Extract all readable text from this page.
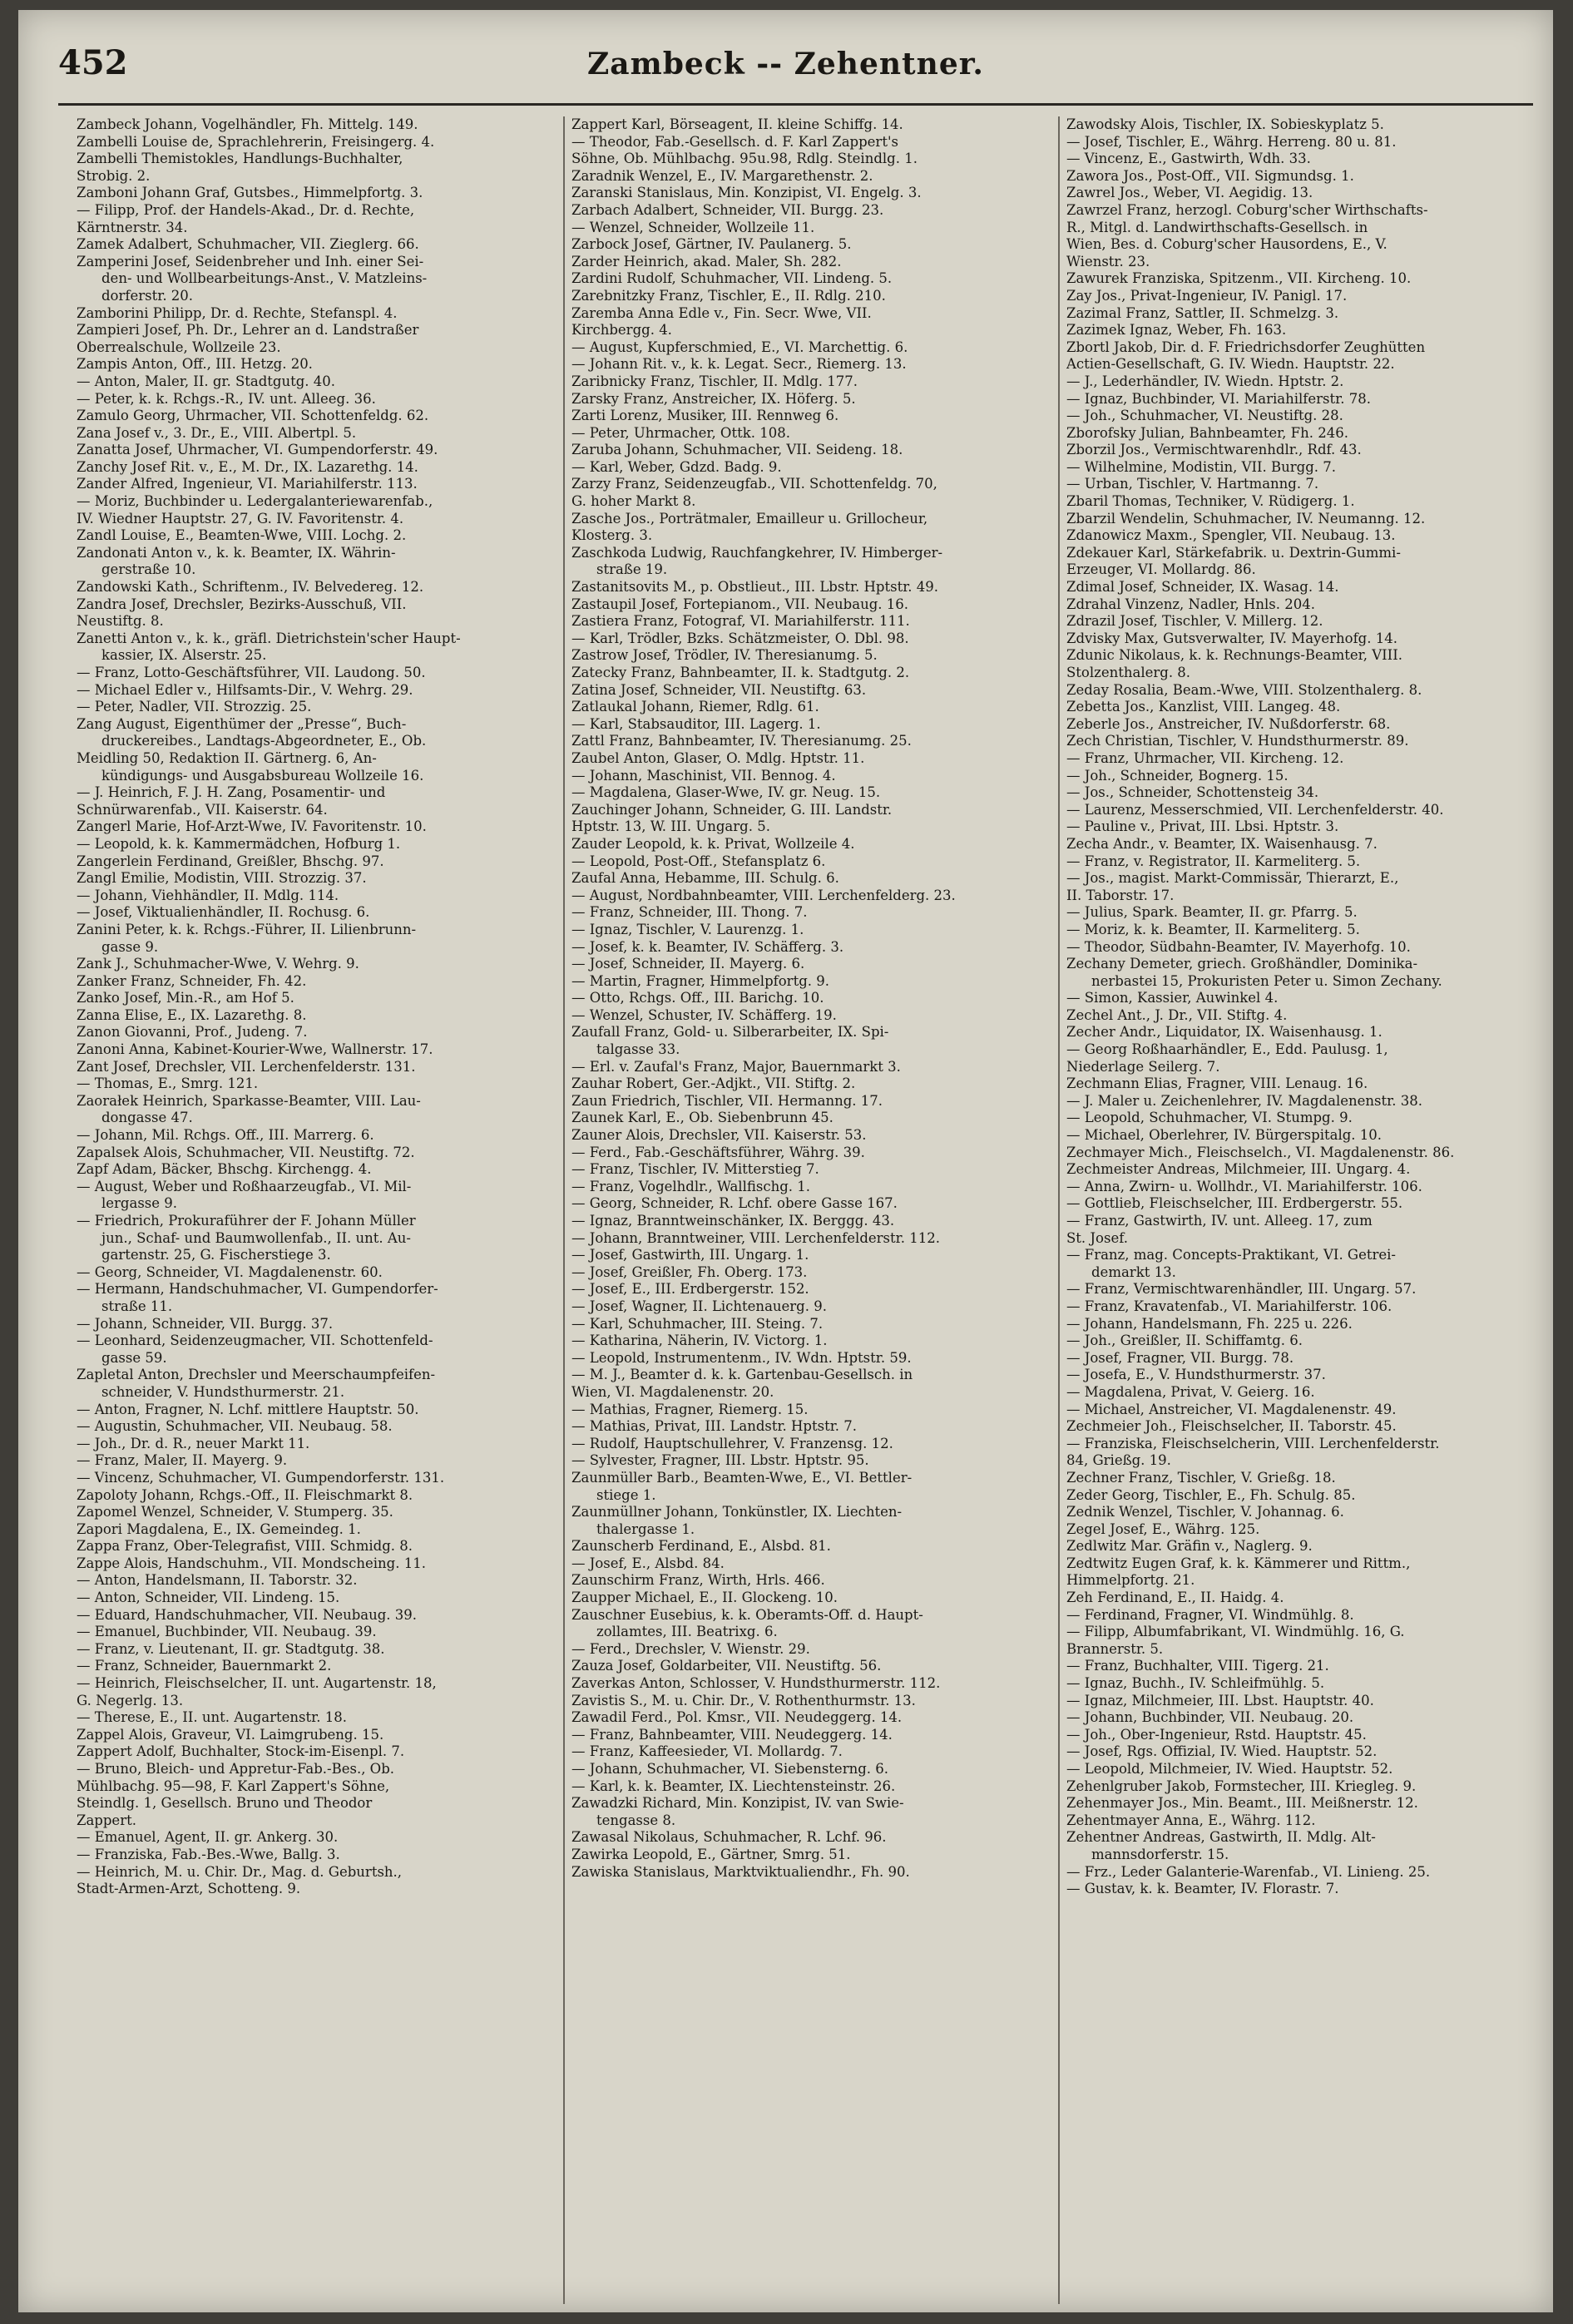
452	Zambeck -- Zehentner.
Zambeck Johann, Vogelhändler, Fh. Mittelg. 149.
Zambelli Louise de, Sprachlehrerin, Freisingerg. 4.
Zambelli Themistokles, Handlungs-Buchhalter,
Strobig. 2.
Zamboni Johann Graf, Gutsbes., Himmelpfortg. 3.
— Filipp, Prof. der Handels-Akad., Dr. d. Rechte,
Kärntnerstr. 34.
Zamek Adalbert, Schuhmacher, VII. Zieglerg. 66.
Zamperini Josef, Seidenbreher und Inh. einer Sei-
den- und Wollbearbeitungs-Anst., V. Matzleins-
dorferstr. 20.
Zamborini Philipp, Dr. d. Rechte, Stefanspl. 4.
Zampieri Josef, Ph. Dr., Lehrer an d. Landstraßer
Oberrealschule, Wollzeile 23.
Zampis Anton, Off., III. Hetzg. 20.
— Anton, Maler, II. gr. Stadtgutg. 40.
— Peter, k. k. Rchgs.-R., IV. unt. Alleeg. 36.
Zamulo Georg, Uhrmacher, VII. Schottenfeldg. 62.
Zana Josef v., 3. Dr., E., VIII. Albertpl. 5.
Zanatta Josef, Uhrmacher, VI. Gumpendorferstr. 49.
Zanchy Josef Rit. v., E., M. Dr., IX. Lazarethg. 14.
Zander Alfred, Ingenieur, VI. Mariahilferstr. 113.
— Moriz, Buchbinder u. Ledergalanteriewarenfab.,
IV. Wiedner Hauptstr. 27, G. IV. Favoritenstr. 4.
Zandl Louise, E., Beamten-Wwe, VIII. Lochg. 2.
Zandonati Anton v., k. k. Beamter, IX. Währin-
gerstraße 10.
Zandowski Kath., Schriftenm., IV. Belvedereg. 12.
Zandra Josef, Drechsler, Bezirks-Ausschuß, VII.
Neustiftg. 8.
Zanetti Anton v., k. k., gräfl. Dietrichstein'scher Haupt-
kassier, IX. Alserstr. 25.
— Franz, Lotto-Geschäftsführer, VII. Laudong. 50.
— Michael Edler v., Hilfsamts-Dir., V. Wehrg. 29.
— Peter, Nadler, VII. Strozzig. 25.
Zang August, Eigenthümer der „Presse“, Buch-
druckereibes., Landtags-Abgeordneter, E., Ob.
Meidling 50, Redaktion II. Gärtnerg. 6, An-
kündigungs- und Ausgabsbureau Wollzeile 16.
— J. Heinrich, F. J. H. Zang, Posamentir- und
Schnürwarenfab., VII. Kaiserstr. 64.
Zangerl Marie, Hof-Arzt-Wwe, IV. Favoritenstr. 10.
— Leopold, k. k. Kammermädchen, Hofburg 1.
Zangerlein Ferdinand, Greißler, Bhschg. 97.
Zangl Emilie, Modistin, VIII. Strozzig. 37.
— Johann, Viehhändler, II. Mdlg. 114.
— Josef, Viktualienhändler, II. Rochusg. 6.
Zanini Peter, k. k. Rchgs.-Führer, II. Lilienbrunn-
gasse 9.
Zank J., Schuhmacher-Wwe, V. Wehrg. 9.
Zanker Franz, Schneider, Fh. 42.
Zanko Josef, Min.-R., am Hof 5.
Zanna Elise, E., IX. Lazarethg. 8.
Zanon Giovanni, Prof., Judeng. 7.
Zanoni Anna, Kabinet-Kourier-Wwe, Wallnerstr. 17.
Zant Josef, Drechsler, VII. Lerchenfelderstr. 131.
— Thomas, E., Smrg. 121.
Zaorałek Heinrich, Sparkasse-Beamter, VIII. Lau-
dongasse 47.
— Johann, Mil. Rchgs. Off., III. Marrerg. 6.
Zapalsek Alois, Schuhmacher, VII. Neustiftg. 72.
Zapf Adam, Bäcker, Bhschg. Kirchengg. 4.
— August, Weber und Roßhaarzeugfab., VI. Mil-
lergasse 9.
— Friedrich, Prokuraführer der F. Johann Müller
jun., Schaf- und Baumwollenfab., II. unt. Au-
gartenstr. 25, G. Fischerstiege 3.
— Georg, Schneider, VI. Magdalenenstr. 60.
— Hermann, Handschuhmacher, VI. Gumpendorfer-
straße 11.
— Johann, Schneider, VII. Burgg. 37.
— Leonhard, Seidenzeugmacher, VII. Schottenfeld-
gasse 59.
Zapletal Anton, Drechsler und Meerschaumpfeifen-
schneider, V. Hundsthurmerstr. 21.
— Anton, Fragner, N. Lchf. mittlere Hauptstr. 50.
— Augustin, Schuhmacher, VII. Neubaug. 58.
— Joh., Dr. d. R., neuer Markt 11.
— Franz, Maler, II. Mayerg. 9.
— Vincenz, Schuhmacher, VI. Gumpendorferstr. 131.
Zapoloty Johann, Rchgs.-Off., II. Fleischmarkt 8.
Zapomel Wenzel, Schneider, V. Stumperg. 35.
Zapori Magdalena, E., IX. Gemeindeg. 1.
Zappa Franz, Ober-Telegrafist, VIII. Schmidg. 8.
Zappe Alois, Handschuhm., VII. Mondscheing. 11.
— Anton, Handelsmann, II. Taborstr. 32.
— Anton, Schneider, VII. Lindeng. 15.
— Eduard, Handschuhmacher, VII. Neubaug. 39.
— Emanuel, Buchbinder, VII. Neubaug. 39.
— Franz, v. Lieutenant, II. gr. Stadtgutg. 38.
— Franz, Schneider, Bauernmarkt 2.
— Heinrich, Fleischselcher, II. unt. Augartenstr. 18,
G. Negerlg. 13.
— Therese, E., II. unt. Augartenstr. 18.
Zappel Alois, Graveur, VI. Laimgrubeng. 15.
Zappert Adolf, Buchhalter, Stock-im-Eisenpl. 7.
— Bruno, Bleich- und Appretur-Fab.-Bes., Ob.
Mühlbachg. 95—98, F. Karl Zappert's Söhne,
Steindlg. 1, Gesellsch. Bruno und Theodor
Zappert.
— Emanuel, Agent, II. gr. Ankerg. 30.
— Franziska, Fab.-Bes.-Wwe, Ballg. 3.
— Heinrich, M. u. Chir. Dr., Mag. d. Geburtsh.,
Stadt-Armen-Arzt, Schotteng. 9.
Zappert Karl, Börseagent, II. kleine Schiffg. 14.
— Theodor, Fab.-Gesellsch. d. F. Karl Zappert's
Söhne, Ob. Mühlbachg. 95u.98, Rdlg. Steindlg. 1.
Zaradnik Wenzel, E., IV. Margarethenstr. 2.
Zaranski Stanislaus, Min. Konzipist, VI. Engelg. 3.
Zarbach Adalbert, Schneider, VII. Burgg. 23.
— Wenzel, Schneider, Wollzeile 11.
Zarbock Josef, Gärtner, IV. Paulanerg. 5.
Zarder Heinrich, akad. Maler, Sh. 282.
Zardini Rudolf, Schuhmacher, VII. Lindeng. 5.
Zarebnitzky Franz, Tischler, E., II. Rdlg. 210.
Zaremba Anna Edle v., Fin. Secr. Wwe, VII.
Kirchbergg. 4.
— August, Kupferschmied, E., VI. Marchettig. 6.
— Johann Rit. v., k. k. Legat. Secr., Riemerg. 13.
Zaribnicky Franz, Tischler, II. Mdlg. 177.
Zarsky Franz, Anstreicher, IX. Höferg. 5.
Zarti Lorenz, Musiker, III. Rennweg 6.
— Peter, Uhrmacher, Ottk. 108.
Zaruba Johann, Schuhmacher, VII. Seideng. 18.
— Karl, Weber, Gdzd. Badg. 9.
Zarzy Franz, Seidenzeugfab., VII. Schottenfeldg. 70,
G. hoher Markt 8.
Zasche Jos., Porträtmaler, Emailleur u. Grillocheur,
Klosterg. 3.
Zaschkoda Ludwig, Rauchfangkehrer, IV. Himberger-
straße 19.
Zastanitsovits M., p. Obstlieut., III. Lbstr. Hptstr. 49.
Zastaupil Josef, Fortepianom., VII. Neubaug. 16.
Zastiera Franz, Fotograf, VI. Mariahilferstr. 111.
— Karl, Trödler, Bzks. Schätzmeister, O. Dbl. 98.
Zastrow Josef, Trödler, IV. Theresianumg. 5.
Zatecky Franz, Bahnbeamter, II. k. Stadtgutg. 2.
Zatina Josef, Schneider, VII. Neustiftg. 63.
Zatlaukal Johann, Riemer, Rdlg. 61.
— Karl, Stabsauditor, III. Lagerg. 1.
Zattl Franz, Bahnbeamter, IV. Theresianumg. 25.
Zaubel Anton, Glaser, O. Mdlg. Hptstr. 11.
— Johann, Maschinist, VII. Bennog. 4.
— Magdalena, Glaser-Wwe, IV. gr. Neug. 15.
Zauchinger Johann, Schneider, G. III. Landstr.
Hptstr. 13, W. III. Ungarg. 5.
Zauder Leopold, k. k. Privat, Wollzeile 4.
— Leopold, Post-Off., Stefansplatz 6.
Zaufal Anna, Hebamme, III. Schulg. 6.
— August, Nordbahnbeamter, VIII. Lerchenfelderg. 23.
— Franz, Schneider, III. Thong. 7.
— Ignaz, Tischler, V. Laurenzg. 1.
— Josef, k. k. Beamter, IV. Schäfferg. 3.
— Josef, Schneider, II. Mayerg. 6.
— Martin, Fragner, Himmelpfortg. 9.
— Otto, Rchgs. Off., III. Barichg. 10.
— Wenzel, Schuster, IV. Schäfferg. 19.
Zaufall Franz, Gold- u. Silberarbeiter, IX. Spi-
talgasse 33.
— Erl. v. Zaufal's Franz, Major, Bauernmarkt 3.
Zauhar Robert, Ger.-Adjkt., VII. Stiftg. 2.
Zaun Friedrich, Tischler, VII. Hermanng. 17.
Zaunek Karl, E., Ob. Siebenbrunn 45.
Zauner Alois, Drechsler, VII. Kaiserstr. 53.
— Ferd., Fab.-Geschäftsführer, Währg. 39.
— Franz, Tischler, IV. Mitterstieg 7.
— Franz, Vogelhdlr., Wallfischg. 1.
— Georg, Schneider, R. Lchf. obere Gasse 167.
— Ignaz, Branntweinschänker, IX. Berggg. 43.
— Johann, Branntweiner, VIII. Lerchenfelderstr. 112.
— Josef, Gastwirth, III. Ungarg. 1.
— Josef, Greißler, Fh. Oberg. 173.
— Josef, E., III. Erdbergerstr. 152.
— Josef, Wagner, II. Lichtenauerg. 9.
— Karl, Schuhmacher, III. Steing. 7.
— Katharina, Näherin, IV. Victorg. 1.
— Leopold, Instrumentenm., IV. Wdn. Hptstr. 59.
— M. J., Beamter d. k. k. Gartenbau-Gesellsch. in
Wien, VI. Magdalenenstr. 20.
— Mathias, Fragner, Riemerg. 15.
— Mathias, Privat, III. Landstr. Hptstr. 7.
— Rudolf, Hauptschullehrer, V. Franzensg. 12.
— Sylvester, Fragner, III. Lbstr. Hptstr. 95.
Zaunmüller Barb., Beamten-Wwe, E., VI. Bettler-
stiege 1.
Zaunmüllner Johann, Tonkünstler, IX. Liechten-
thalergasse 1.
Zaunscherb Ferdinand, E., Alsbd. 81.
— Josef, E., Alsbd. 84.
Zaunschirm Franz, Wirth, Hrls. 466.
Zaupper Michael, E., II. Glockeng. 10.
Zauschner Eusebius, k. k. Oberamts-Off. d. Haupt-
zollamtes, III. Beatrixg. 6.
— Ferd., Drechsler, V. Wienstr. 29.
Zauza Josef, Goldarbeiter, VII. Neustiftg. 56.
Zaverkas Anton, Schlosser, V. Hundsthurmerstr. 112.
Zavistis S., M. u. Chir. Dr., V. Rothenthurmstr. 13.
Zawadil Ferd., Pol. Kmsr., VII. Neudeggerg. 14.
— Franz, Bahnbeamter, VIII. Neudeggerg. 14.
— Franz, Kaffeesieder, VI. Mollardg. 7.
— Johann, Schuhmacher, VI. Siebensterng. 6.
— Karl, k. k. Beamter, IX. Liechtensteinstr. 26.
Zawadzki Richard, Min. Konzipist, IV. van Swie-
tengasse 8.
Zawasal Nikolaus, Schuhmacher, R. Lchf. 96.
Zawirka Leopold, E., Gärtner, Smrg. 51.
Zawiska Stanislaus, Marktviktualiendhr., Fh. 90.
Zawodsky Alois, Tischler, IX. Sobieskyplatz 5.
— Josef, Tischler, E., Währg. Herreng. 80 u. 81.
— Vincenz, E., Gastwirth, Wdh. 33.
Zawora Jos., Post-Off., VII. Sigmundsg. 1.
Zawrel Jos., Weber, VI. Aegidig. 13.
Zawrzel Franz, herzogl. Coburg'scher Wirthschafts-
R., Mitgl. d. Landwirthschafts-Gesellsch. in
Wien, Bes. d. Coburg'scher Hausordens, E., V.
Wienstr. 23.
Zawurek Franziska, Spitzenm., VII. Kircheng. 10.
Zay Jos., Privat-Ingenieur, IV. Panigl. 17.
Zazimal Franz, Sattler, II. Schmelzg. 3.
Zazimek Ignaz, Weber, Fh. 163.
Zbortl Jakob, Dir. d. F. Friedrichsdorfer Zeughütten
Actien-Gesellschaft, G. IV. Wiedn. Hauptstr. 22.
— J., Lederhändler, IV. Wiedn. Hptstr. 2.
— Ignaz, Buchbinder, VI. Mariahilferstr. 78.
— Joh., Schuhmacher, VI. Neustiftg. 28.
Zborofsky Julian, Bahnbeamter, Fh. 246.
Zborzil Jos., Vermischtwarenhdlr., Rdf. 43.
— Wilhelmine, Modistin, VII. Burgg. 7.
— Urban, Tischler, V. Hartmanng. 7.
Zbaril Thomas, Techniker, V. Rüdigerg. 1.
Zbarzil Wendelin, Schuhmacher, IV. Neumanng. 12.
Zdanowicz Maxm., Spengler, VII. Neubaug. 13.
Zdekauer Karl, Stärkefabrik. u. Dextrin-Gummi-
Erzeuger, VI. Mollardg. 86.
Zdimal Josef, Schneider, IX. Wasag. 14.
Zdrahal Vinzenz, Nadler, Hnls. 204.
Zdrazil Josef, Tischler, V. Millerg. 12.
Zdvisky Max, Gutsverwalter, IV. Mayerhofg. 14.
Zdunic Nikolaus, k. k. Rechnungs-Beamter, VIII.
Stolzenthalerg. 8.
Zeday Rosalia, Beam.-Wwe, VIII. Stolzenthalerg. 8.
Zebetta Jos., Kanzlist, VIII. Langeg. 48.
Zeberle Jos., Anstreicher, IV. Nußdorferstr. 68.
Zech Christian, Tischler, V. Hundsthurmerstr. 89.
— Franz, Uhrmacher, VII. Kircheng. 12.
— Joh., Schneider, Bognerg. 15.
— Jos., Schneider, Schottensteig 34.
— Laurenz, Messerschmied, VII. Lerchenfelderstr. 40.
— Pauline v., Privat, III. Lbsi. Hptstr. 3.
Zecha Andr., v. Beamter, IX. Waisenhausg. 7.
— Franz, v. Registrator, II. Karmeliterg. 5.
— Jos., magist. Markt-Commissär, Thierarzt, E.,
II. Taborstr. 17.
— Julius, Spark. Beamter, II. gr. Pfarrg. 5.
— Moriz, k. k. Beamter, II. Karmeliterg. 5.
— Theodor, Südbahn-Beamter, IV. Mayerhofg. 10.
Zechany Demeter, griech. Großhändler, Dominika-
nerbastei 15, Prokuristen Peter u. Simon Zechany.
— Simon, Kassier, Auwinkel 4.
Zechel Ant., J. Dr., VII. Stiftg. 4.
Zecher Andr., Liquidator, IX. Waisenhausg. 1.
— Georg Roßhaarhändler, E., Edd. Paulusg. 1,
Niederlage Seilerg. 7.
Zechmann Elias, Fragner, VIII. Lenaug. 16.
— J. Maler u. Zeichenlehrer, IV. Magdalenenstr. 38.
— Leopold, Schuhmacher, VI. Stumpg. 9.
— Michael, Oberlehrer, IV. Bürgerspitalg. 10.
Zechmayer Mich., Fleischselch., VI. Magdalenenstr. 86.
Zechmeister Andreas, Milchmeier, III. Ungarg. 4.
— Anna, Zwirn- u. Wollhdr., VI. Mariahilferstr. 106.
— Gottlieb, Fleischselcher, III. Erdbergerstr. 55.
— Franz, Gastwirth, IV. unt. Alleeg. 17, zum
St. Josef.
— Franz, mag. Concepts-Praktikant, VI. Getrei-
demarkt 13.
— Franz, Vermischtwarenhändler, III. Ungarg. 57.
— Franz, Kravatenfab., VI. Mariahilferstr. 106.
— Johann, Handelsmann, Fh. 225 u. 226.
— Joh., Greißler, II. Schiffamtg. 6.
— Josef, Fragner, VII. Burgg. 78.
— Josefa, E., V. Hundsthurmerstr. 37.
— Magdalena, Privat, V. Geierg. 16.
— Michael, Anstreicher, VI. Magdalenenstr. 49.
Zechmeier Joh., Fleischselcher, II. Taborstr. 45.
— Franziska, Fleischselcherin, VIII. Lerchenfelderstr.
84, Grießg. 19.
Zechner Franz, Tischler, V. Grießg. 18.
Zeder Georg, Tischler, E., Fh. Schulg. 85.
Zednik Wenzel, Tischler, V. Johannag. 6.
Zegel Josef, E., Währg. 125.
Zedlwitz Mar. Gräfin v., Naglerg. 9.
Zedtwitz Eugen Graf, k. k. Kämmerer und Rittm.,
Himmelpfortg. 21.
Zeh Ferdinand, E., II. Haidg. 4.
— Ferdinand, Fragner, VI. Windmühlg. 8.
— Filipp, Albumfabrikant, VI. Windmühlg. 16, G.
Brannerstr. 5.
— Franz, Buchhalter, VIII. Tigerg. 21.
— Ignaz, Buchh., IV. Schleifmühlg. 5.
— Ignaz, Milchmeier, III. Lbst. Hauptstr. 40.
— Johann, Buchbinder, VII. Neubaug. 20.
— Joh., Ober-Ingenieur, Rstd. Hauptstr. 45.
— Josef, Rgs. Offizial, IV. Wied. Hauptstr. 52.
— Leopold, Milchmeier, IV. Wied. Hauptstr. 52.
Zehenlgruber Jakob, Formstecher, III. Kriegleg. 9.
Zehenmayer Jos., Min. Beamt., III. Meißnerstr. 12.
Zehentmayer Anna, E., Währg. 112.
Zehentner Andreas, Gastwirth, II. Mdlg. Alt-
mannsdorferstr. 15.
— Frz., Leder Galanterie-Warenfab., VI. Linieng. 25.
— Gustav, k. k. Beamter, IV. Florastr. 7.
